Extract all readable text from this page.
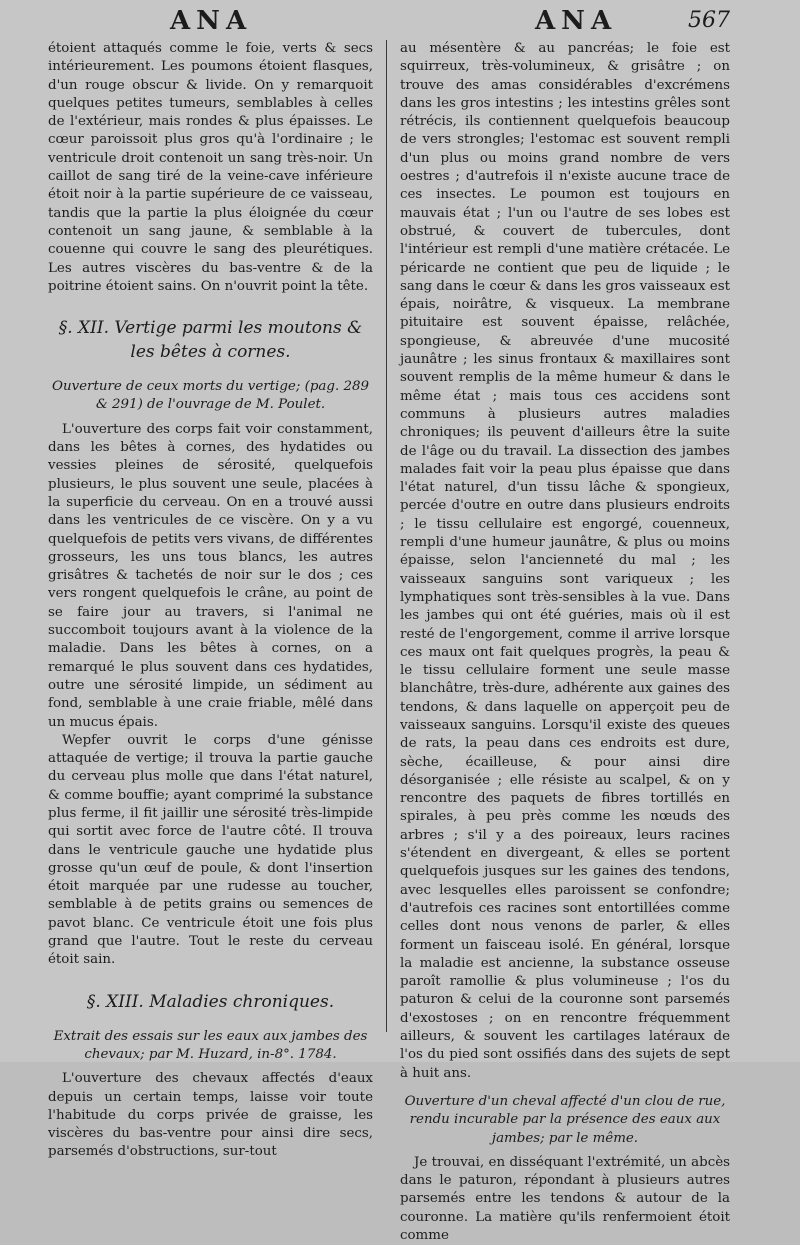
ANA	ANA	567

étoient attaqués comme le foie, verts & secs intérieurement. Les poumons étoient flasques, d'un rouge obscur & livide. On y remarquoit quelques petites tumeurs, semblables à celles de l'extérieur, mais rondes & plus épaisses. Le cœur paroissoit plus gros qu'à l'ordinaire ; le ventricule droit contenoit un sang très-noir. Un caillot de sang tiré de la veine-cave inférieure étoit noir à la partie supérieure de ce vaisseau, tandis que la partie la plus éloignée du cœur contenoit un sang jaune, & semblable à la couenne qui couvre le sang des pleurétiques. Les autres viscères du bas-ventre & de la poitrine étoient sains. On n'ouvrit point la tête.

§. XII. Vertige parmi les moutons & les bêtes à cornes.

Ouverture de ceux morts du vertige; (pag. 289 & 291) de l'ouvrage de M. Poulet.

L'ouverture des corps fait voir constamment, dans les bêtes à cornes, des hydatides ou vessies pleines de sérosité, quelquefois plusieurs, le plus souvent une seule, placées à la superficie du cerveau. On en a trouvé aussi dans les ventricules de ce viscère. On y a vu quelquefois de petits vers vivans, de différentes grosseurs, les uns tous blancs, les autres grisâtres & tachetés de noir sur le dos ; ces vers rongent quelquefois le crâne, au point de se faire jour au travers, si l'animal ne succomboit toujours avant à la violence de la maladie. Dans les bêtes à cornes, on a remarqué le plus souvent dans ces hydatides, outre une sérosité limpide, un sédiment au fond, semblable à une craie friable, mêlé dans un mucus épais.

Wepfer ouvrit le corps d'une génisse attaquée de vertige; il trouva la partie gauche du cerveau plus molle que dans l'état naturel, & comme bouffie; ayant comprimé la substance plus ferme, il fit jaillir une sérosité très-limpide qui sortit avec force de l'autre côté. Il trouva dans le ventricule gauche une hydatide plus grosse qu'un œuf de poule, & dont l'insertion étoit marquée par une rudesse au toucher, semblable à de petits grains ou semences de pavot blanc. Ce ventricule étoit une fois plus grand que l'autre. Tout le reste du cerveau étoit sain.

§. XIII. Maladies chroniques.

Extrait des essais sur les eaux aux jambes des chevaux; par M. Huzard, in-8°. 1784.

L'ouverture des chevaux affectés d'eaux depuis un certain temps, laisse voir toute l'habitude du corps privée de graisse, les viscères du bas-ventre pour ainsi dire secs, parsemés d'obstructions, sur-tout

au mésentère & au pancréas; le foie est squirreux, très-volumineux, & grisâtre ; on trouve des amas considérables d'excrémens dans les gros intestins ; les intestins grêles sont rétrécis, ils contiennent quelquefois beaucoup de vers strongles; l'estomac est souvent rempli d'un plus ou moins grand nombre de vers oestres ; d'autrefois il n'existe aucune trace de ces insectes. Le poumon est toujours en mauvais état ; l'un ou l'autre de ses lobes est obstrué, & couvert de tubercules, dont l'intérieur est rempli d'une matière crétacée. Le péricarde ne contient que peu de liquide ; le sang dans le cœur & dans les gros vaisseaux est épais, noirâtre, & visqueux. La membrane pituitaire est souvent épaisse, relâchée, spongieuse, & abreuvée d'une mucosité jaunâtre ; les sinus frontaux & maxillaires sont souvent remplis de la même humeur & dans le même état ; mais tous ces accidens sont communs à plusieurs autres maladies chroniques; ils peuvent d'ailleurs être la suite de l'âge ou du travail. La dissection des jambes malades fait voir la peau plus épaisse que dans l'état naturel, d'un tissu lâche & spongieux, percée d'outre en outre dans plusieurs endroits ; le tissu cellulaire est engorgé, couenneux, rempli d'une humeur jaunâtre, & plus ou moins épaisse, selon l'ancienneté du mal ; les vaisseaux sanguins sont variqueux ; les lymphatiques sont très-sensibles à la vue. Dans les jambes qui ont été guéries, mais où il est resté de l'engorgement, comme il arrive lorsque ces maux ont fait quelques progrès, la peau & le tissu cellulaire forment une seule masse blanchâtre, très-dure, adhérente aux gaines des tendons, & dans laquelle on apperçoit peu de vaisseaux sanguins. Lorsqu'il existe des queues de rats, la peau dans ces endroits est dure, sèche, écailleuse, & pour ainsi dire désorganisée ; elle résiste au scalpel, & on y rencontre des paquets de fibres tortillés en spirales, à peu près comme les nœuds des arbres ; s'il y a des poireaux, leurs racines s'étendent en divergeant, & elles se portent quelquefois jusques sur les gaines des tendons, avec lesquelles elles paroissent se confondre; d'autrefois ces racines sont entortillées comme celles dont nous venons de parler, & elles forment un faisceau isolé. En général, lorsque la maladie est ancienne, la substance osseuse paroît ramollie & plus volumineuse ; l'os du paturon & celui de la couronne sont parsemés d'exostoses ; on en rencontre fréquemment ailleurs, & souvent les cartilages latéraux de l'os du pied sont ossifiés dans des sujets de sept à huit ans.

Ouverture d'un cheval affecté d'un clou de rue, rendu incurable par la présence des eaux aux jambes; par le même.

Je trouvai, en disséquant l'extrémité, un abcès dans le paturon, répondant à plusieurs autres parsemés entre les tendons & autour de la couronne. La matière qu'ils renfermoient étoit comme
